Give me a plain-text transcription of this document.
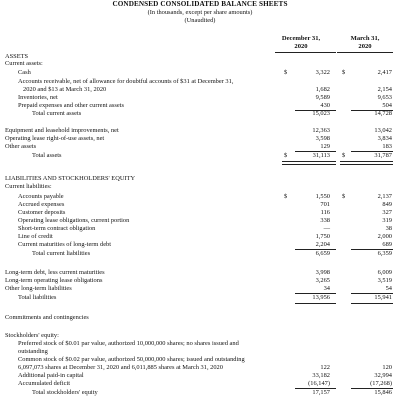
CONDENSED CONSOLIDATED BALANCE SHEETS
(In thousands, except per share amounts)
(Unaudited)
December 31,
2020
March 31,
2020
ASSETS
Current assets:
Cash	$	3,322 $	2,417
Accounts receivable, net of allowance for doubtful accounts of $31 at December 31,
2020 and $13 at March 31, 2020	1,682	2,154
Inventories, net	9,589	9,653
Prepaid expenses and other current assets	430	504
Total current assets	15,023	14,728
Equipment and leasehold improvements, net	12,363	13,042
Operating lease right-of-use assets, net	3,598	3,834
Other assets	129	183
Total assets	$	31,113 $	31,787
LIABILITIES AND STOCKHOLDERS' EQUITY
Current liabilities:
Accounts payable	$	1,550 $	2,137
Accrued expenses	701	849
Customer deposits	116	327
Operating lease obligations, current portion	338	319
Short-term contract obligation	—	38
Line of credit	1,750	2,000
Current maturities of long-term debt	2,204	689
Total current liabilities	6,659	6,359
Long-term debt, less current maturities	3,998	6,009
Long-term operating lease obligations	3,265	3,519
Other long-term liabilities	34	54
Total liabilities	13,956	15,941
Commitments and contingencies
Stockholders' equity:
Preferred stock of $0.01 par value, authorized 10,000,000 shares; no shares issued and
outstanding
Common stock of $0.02 par value, authorized 50,000,000 shares; issued and outstanding
6,097,073 shares at December 31, 2020 and 6,011,885 shares at March 31, 2020	122	120
Additional paid-in capital	33,182	32,994
Accumulated deficit	(16,147)	(17,268)
Total stockholders' equity	17,157	15,846
